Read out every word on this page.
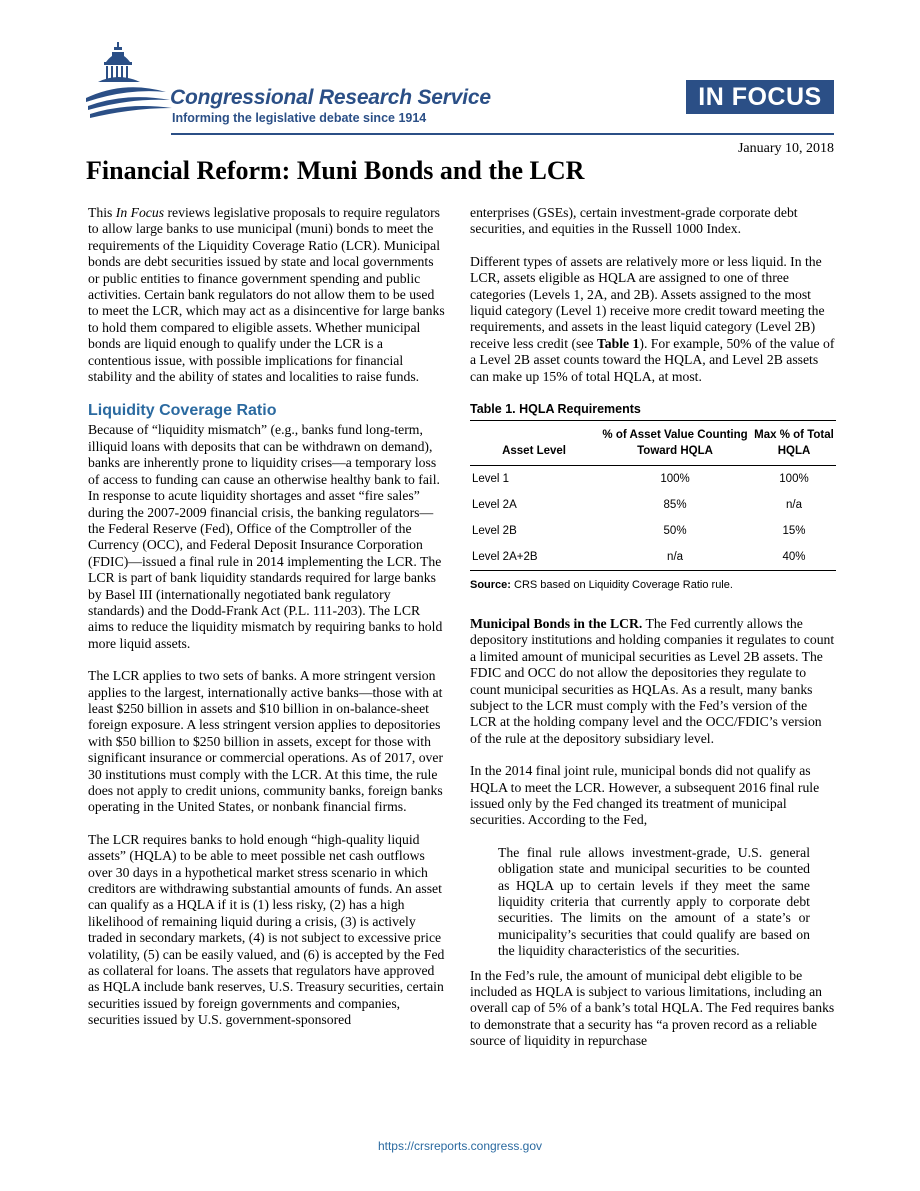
Congressional Research Service
Informing the legislative debate since 1914
IN FOCUS
January 10, 2018
Financial Reform: Muni Bonds and the LCR

This In Focus reviews legislative proposals to require regulators to allow large banks to use municipal (muni) bonds to meet the requirements of the Liquidity Coverage Ratio (LCR). Municipal bonds are debt securities issued by state and local governments or public entities to finance government spending and public activities. Certain bank regulators do not allow them to be used to meet the LCR, which may act as a disincentive for large banks to hold them compared to eligible assets. Whether municipal bonds are liquid enough to qualify under the LCR is a contentious issue, with possible implications for financial stability and the ability of states and localities to raise funds.

Liquidity Coverage Ratio

Because of “liquidity mismatch” (e.g., banks fund long-term, illiquid loans with deposits that can be withdrawn on demand), banks are inherently prone to liquidity crises—a temporary loss of access to funding can cause an otherwise healthy bank to fail. In response to acute liquidity shortages and asset “fire sales” during the 2007-2009 financial crisis, the banking regulators—the Federal Reserve (Fed), Office of the Comptroller of the Currency (OCC), and Federal Deposit Insurance Corporation (FDIC)—issued a final rule in 2014 implementing the LCR. The LCR is part of bank liquidity standards required for large banks by Basel III (internationally negotiated bank regulatory standards) and the Dodd-Frank Act (P.L. 111-203). The LCR aims to reduce the liquidity mismatch by requiring banks to hold more liquid assets.

The LCR applies to two sets of banks. A more stringent version applies to the largest, internationally active banks—those with at least $250 billion in assets and $10 billion in on-balance-sheet foreign exposure. A less stringent version applies to depositories with $50 billion to $250 billion in assets, except for those with significant insurance or commercial operations. As of 2017, over 30 institutions must comply with the LCR. At this time, the rule does not apply to credit unions, community banks, foreign banks operating in the United States, or nonbank financial firms.

The LCR requires banks to hold enough “high-quality liquid assets” (HQLA) to be able to meet possible net cash outflows over 30 days in a hypothetical market stress scenario in which creditors are withdrawing substantial amounts of funds. An asset can qualify as a HQLA if it is (1) less risky, (2) has a high likelihood of remaining liquid during a crisis, (3) is actively traded in secondary markets, (4) is not subject to excessive price volatility, (5) can be easily valued, and (6) is accepted by the Fed as collateral for loans. The assets that regulators have approved as HQLA include bank reserves, U.S. Treasury securities, certain securities issued by foreign governments and companies, securities issued by U.S. government-sponsored

enterprises (GSEs), certain investment-grade corporate debt securities, and equities in the Russell 1000 Index.

Different types of assets are relatively more or less liquid. In the LCR, assets eligible as HQLA are assigned to one of three categories (Levels 1, 2A, and 2B). Assets assigned to the most liquid category (Level 1) receive more credit toward meeting the requirements, and assets in the least liquid category (Level 2B) receive less credit (see Table 1). For example, 50% of the value of a Level 2B asset counts toward the HQLA, and Level 2B assets can make up 15% of total HQLA, at most.

Table 1. HQLA Requirements
Asset Level	% of Asset Value Counting Toward HQLA	Max % of Total HQLA
Level 1	100%	100%
Level 2A	85%	n/a
Level 2B	50%	15%
Level 2A+2B	n/a	40%
Source: CRS based on Liquidity Coverage Ratio rule.

Municipal Bonds in the LCR. The Fed currently allows the depository institutions and holding companies it regulates to count a limited amount of municipal securities as Level 2B assets. The FDIC and OCC do not allow the depositories they regulate to count municipal securities as HQLAs. As a result, many banks subject to the LCR must comply with the Fed’s version of the LCR at the holding company level and the OCC/FDIC’s version of the rule at the depository subsidiary level.

In the 2014 final joint rule, municipal bonds did not qualify as HQLA to meet the LCR. However, a subsequent 2016 final rule issued only by the Fed changed its treatment of municipal securities. According to the Fed,

The final rule allows investment-grade, U.S. general obligation state and municipal securities to be counted as HQLA up to certain levels if they meet the same liquidity criteria that currently apply to corporate debt securities. The limits on the amount of a state’s or municipality’s securities that could qualify are based on the liquidity characteristics of the securities.

In the Fed’s rule, the amount of municipal debt eligible to be included as HQLA is subject to various limitations, including an overall cap of 5% of a bank’s total HQLA. The Fed requires banks to demonstrate that a security has “a proven record as a reliable source of liquidity in repurchase

https://crsreports.congress.gov
